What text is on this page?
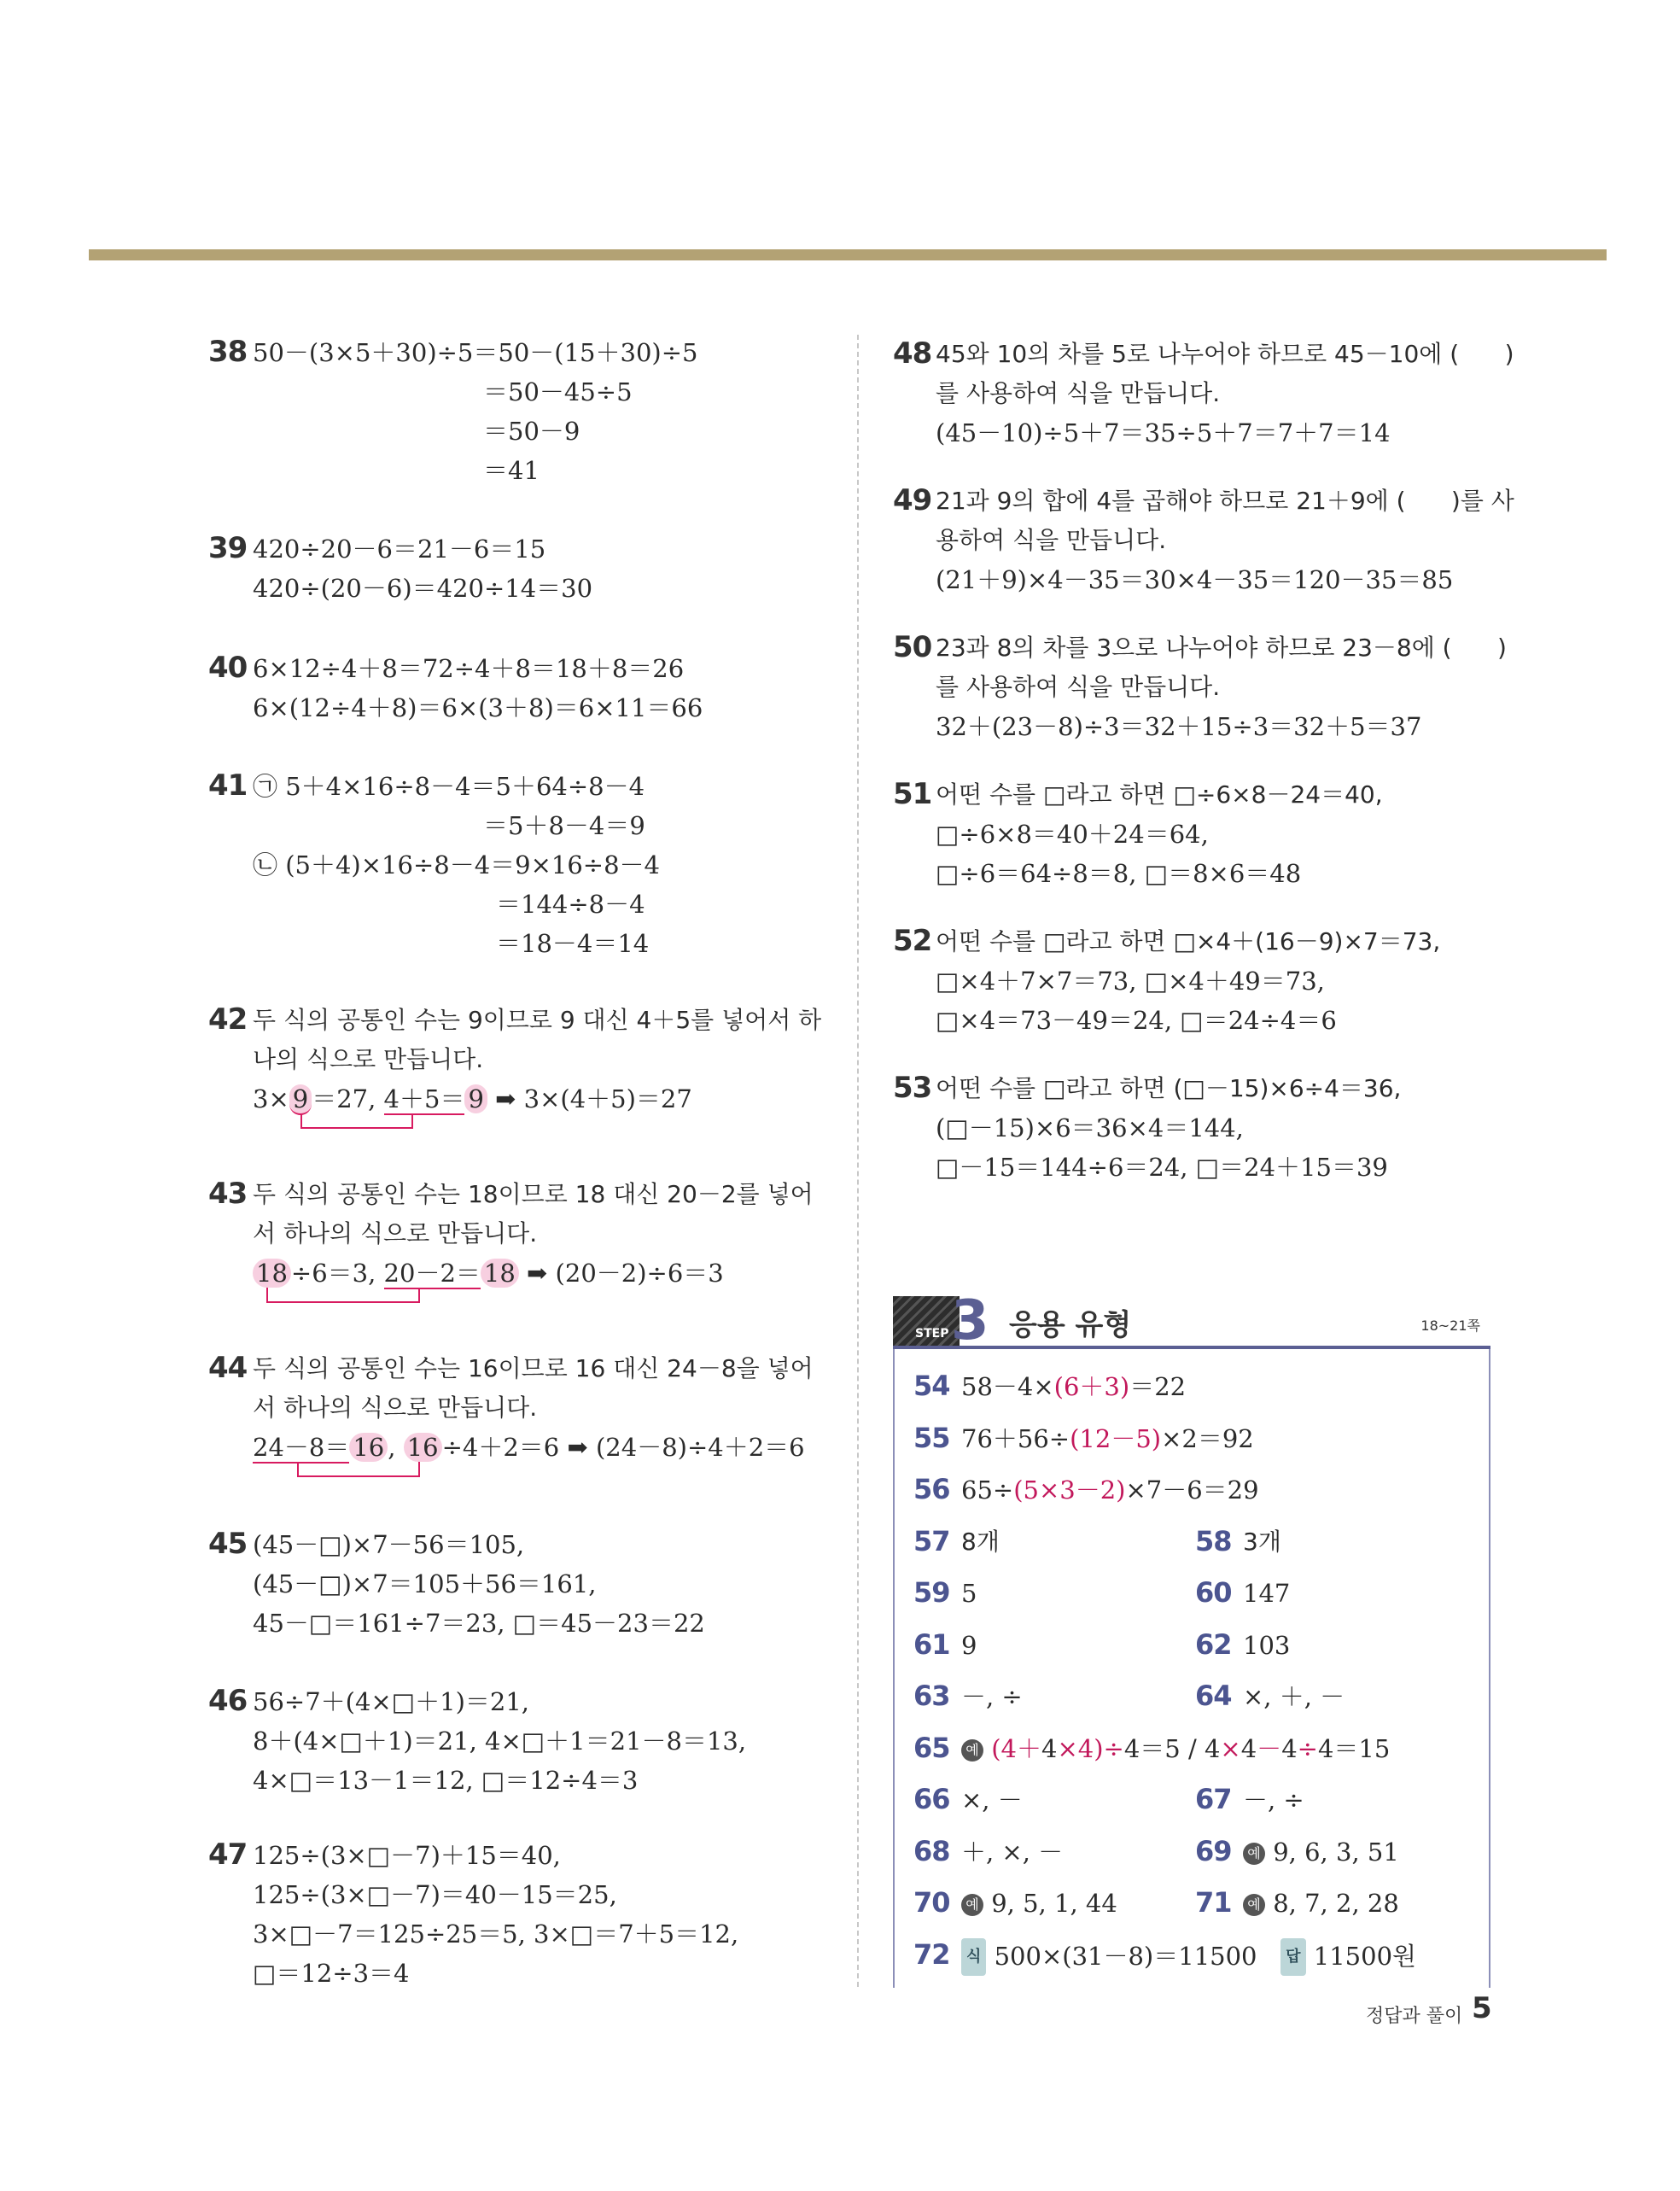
38 50－(3×5＋30)÷5＝50－(15＋30)÷5
＝50－45÷5
＝50－9
＝41
39 420÷20－6＝21－6＝15
420÷(20－6)＝420÷14＝30
40 6×12÷4＋8＝72÷4＋8＝18＋8＝26
6×(12÷4＋8)＝6×(3＋8)＝6×11＝66
41 ㉠ 5＋4×16÷8－4＝5＋64÷8－4
＝5＋8－4＝9
㉡ (5＋4)×16÷8－4＝9×16÷8－4
＝144÷8－4
＝18－4＝14
42 두 식의 공통인 수는 9이므로 9 대신 4＋5를 넣어서 하
나의 식으로 만듭니다.
3× 9 ＝27, 4＋5＝ 9 ➡ 3×(4＋5)＝27

43 두 식의 공통인 수는 18이므로 18 대신 20－2를 넣어
서 하나의 식으로 만듭니다.
18 ÷6＝3, 20－2＝ 18 ➡ (20－2)÷6＝3

44 두 식의 공통인 수는 16이므로 16 대신 24－8을 넣어
서 하나의 식으로 만듭니다.
24－8＝ 16 , 16 ÷4＋2＝6 ➡ (24－8)÷4＋2＝6

45 (45－□)×7－56＝105,
(45－□)×7＝105＋56＝161,
45－□＝161÷7＝23, □＝45－23＝22
46 56÷7＋(4×□＋1)＝21,
8＋(4×□＋1)＝21, 4×□＋1＝21－8＝13,
4×□＝13－1＝12, □＝12÷4＝3
47 125÷(3×□－7)＋15＝40,
125÷(3×□－7)＝40－15＝25,
3×□－7＝125÷25＝5, 3×□＝7＋5＝12,
□＝12÷3＝4
48 45와 10의 차를 5로 나누어야 하므로 45－10에 (      )
를 사용하여 식을 만듭니다.
(45－10)÷5＋7＝35÷5＋7＝7＋7＝14
49 21과 9의 합에 4를 곱해야 하므로 21＋9에 (      )를 사
용하여 식을 만듭니다.
(21＋9)×4－35＝30×4－35＝120－35＝85
50 23과 8의 차를 3으로 나누어야 하므로 23－8에 (      )
를 사용하여 식을 만듭니다.
32＋(23－8)÷3＝32＋15÷3＝32＋5＝37
51 어떤 수를 □라고 하면 □÷6×8－24＝40,
□÷6×8＝40＋24＝64,
□÷6＝64÷8＝8, □＝8×6＝48
52 어떤 수를 □라고 하면 □×4＋(16－9)×7＝73,
□×4＋7×7＝73, □×4＋49＝73,
□×4＝73－49＝24, □＝24÷4＝6
53 어떤 수를 □라고 하면 (□－15)×6÷4＝36,
(□－15)×6＝36×4＝144,
□－15＝144÷6＝24, □＝24＋15＝39
STEP 3 응용 유형	18~21쪽
54 58－4×(6＋3)＝22
55 76＋56÷(12－5)×2＝92
56 65÷(5×3－2)×7－6＝29
57 8개	58 3개
59 5	60 147
61 9	62 103
63 －, ÷	64 ×, ＋, －
65	예 (4＋4×4)÷4＝5 / 4×4－4÷4＝15
66 ×, －	67 －, ÷
68 ＋, ×, －	69	예 9, 6, 3, 51
70	예 9, 5, 1, 44	71	예 8, 7, 2, 28
72	식 500×(31－8)＝11500 답 11500원
정답과 풀이 5
